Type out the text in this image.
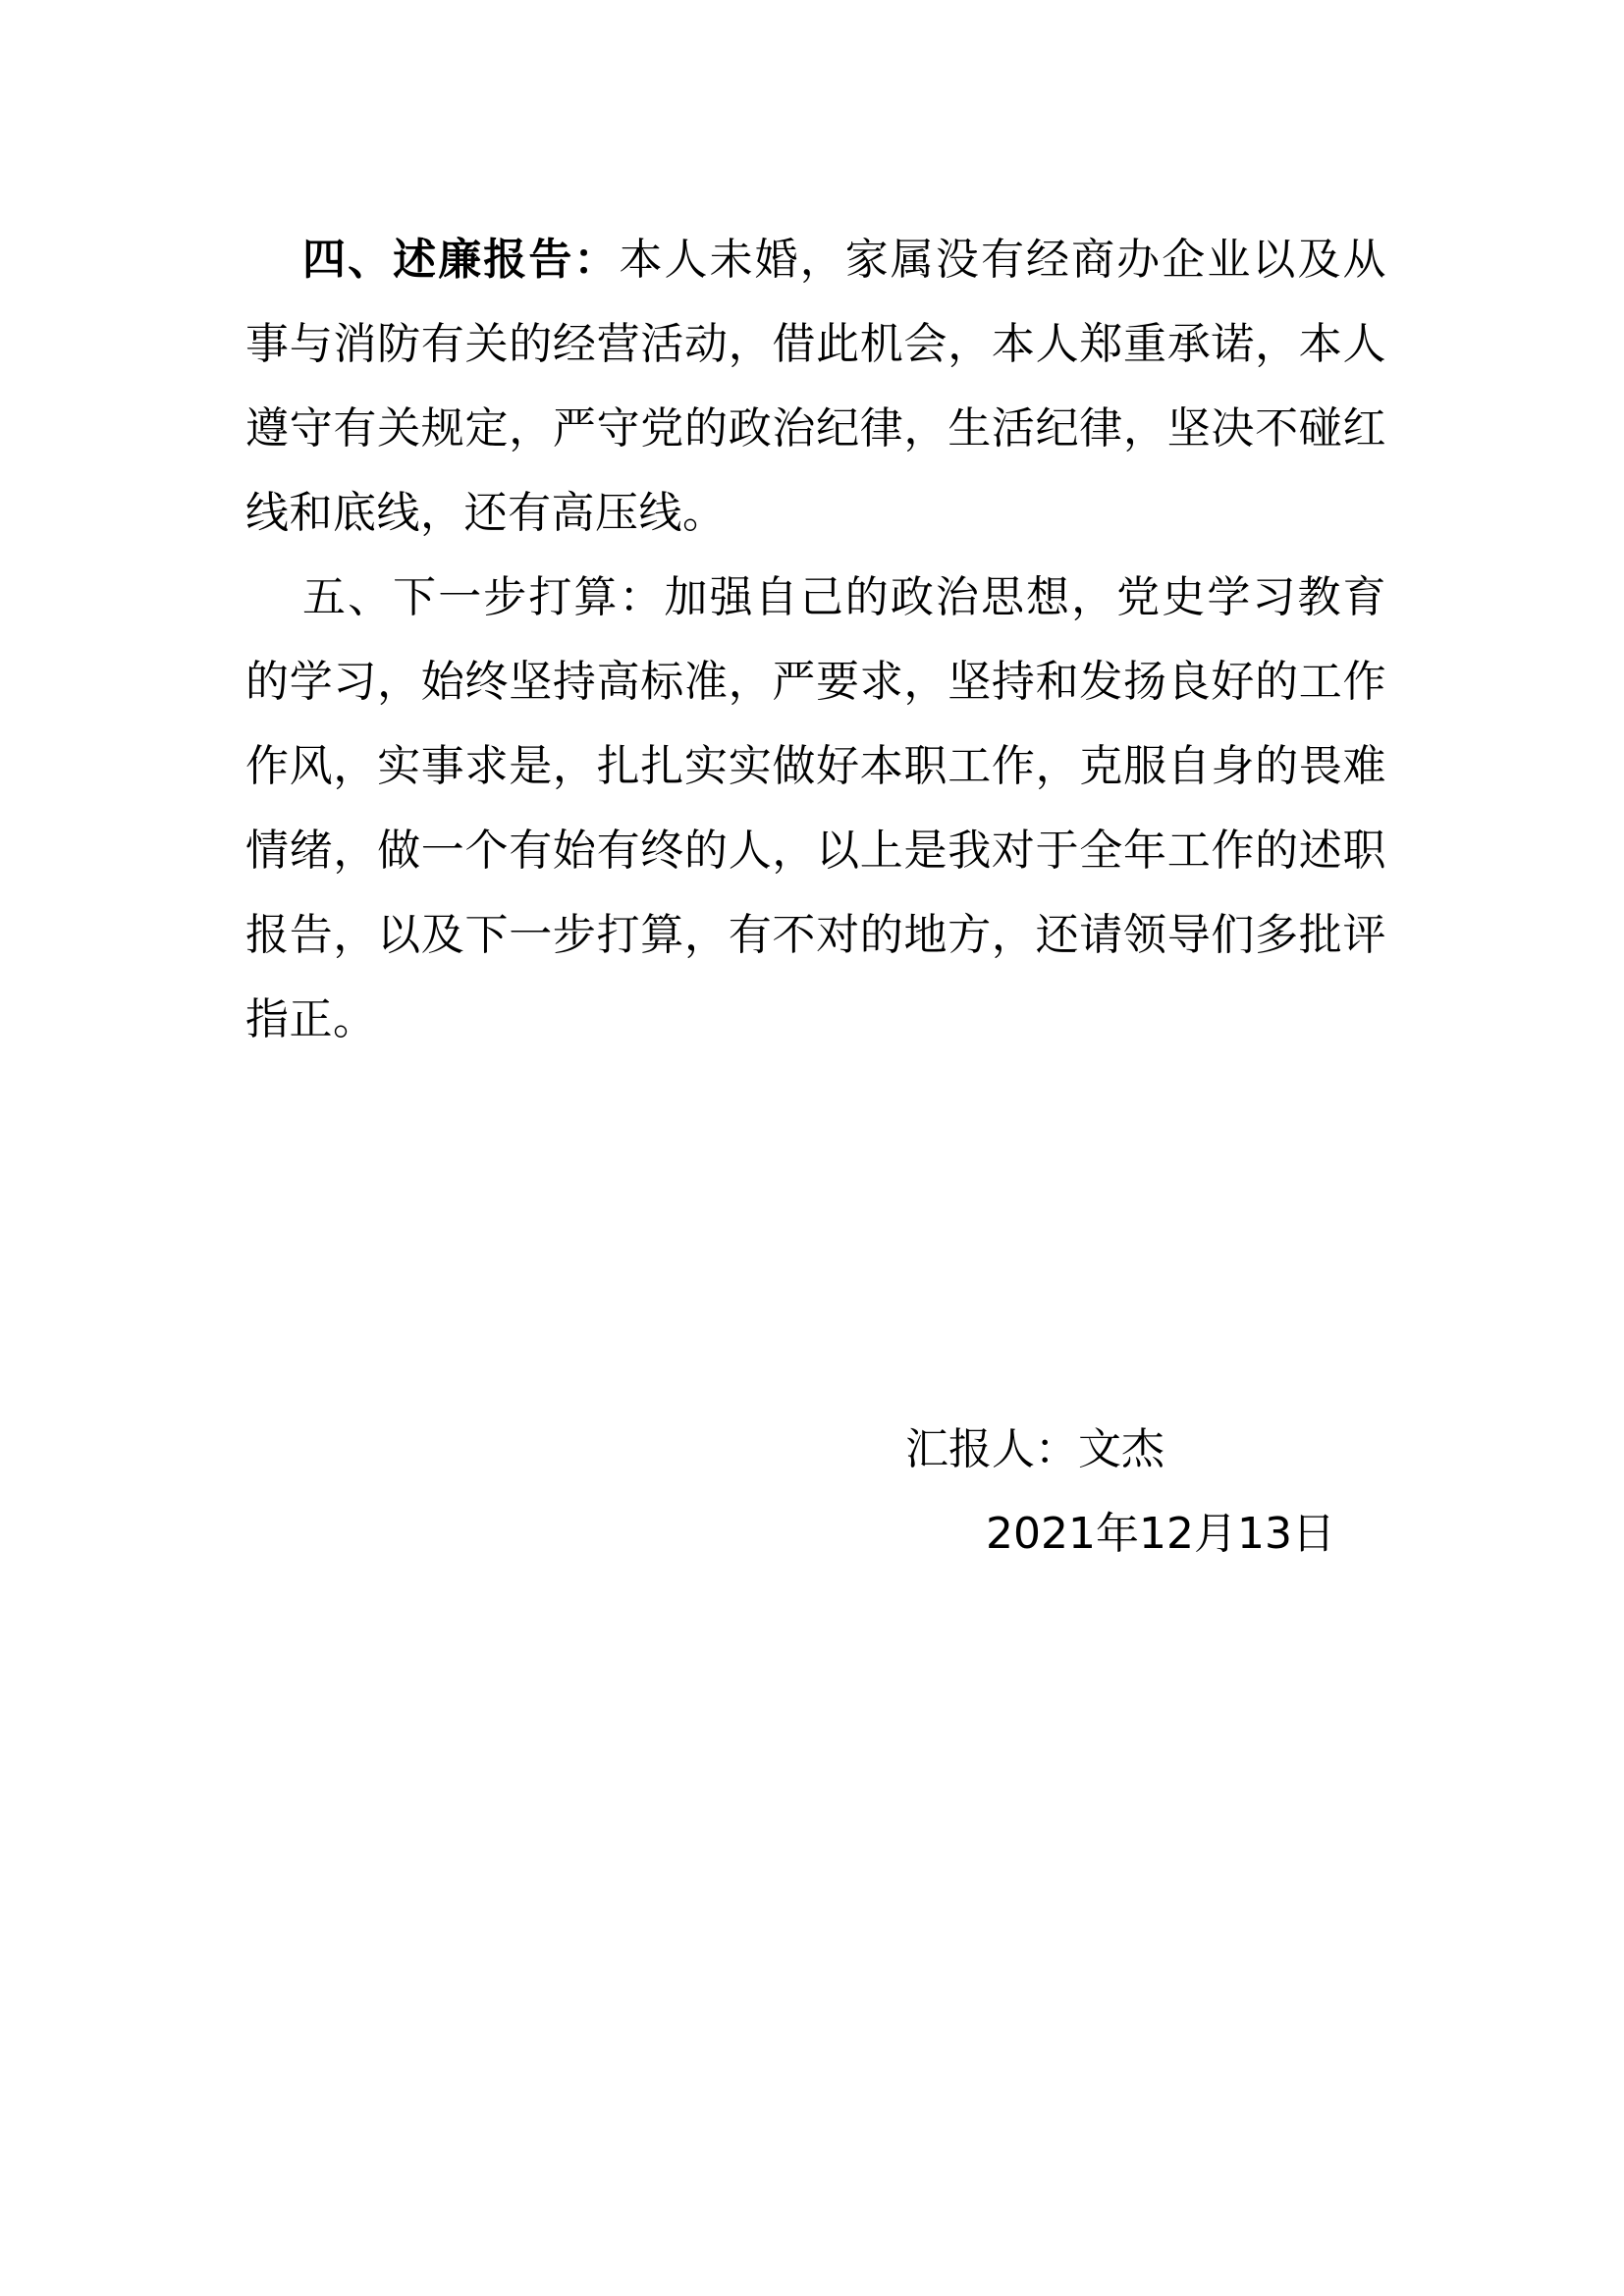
四、述廉报告：本人未婚，家属没有经商办企业以及从事与消防有关的经营活动，借此机会，本人郑重承诺，本人遵守有关规定，严守党的政治纪律，生活纪律，坚决不碰红线和底线，还有高压线。

五、下一步打算：加强自己的政治思想，党史学习教育的学习，始终坚持高标准，严要求，坚持和发扬良好的工作作风，实事求是，扎扎实实做好本职工作，克服自身的畏难情绪，做一个有始有终的人，以上是我对于全年工作的述职报告，以及下一步打算，有不对的地方，还请领导们多批评指正。

汇报人：文杰
2021年12月13日
